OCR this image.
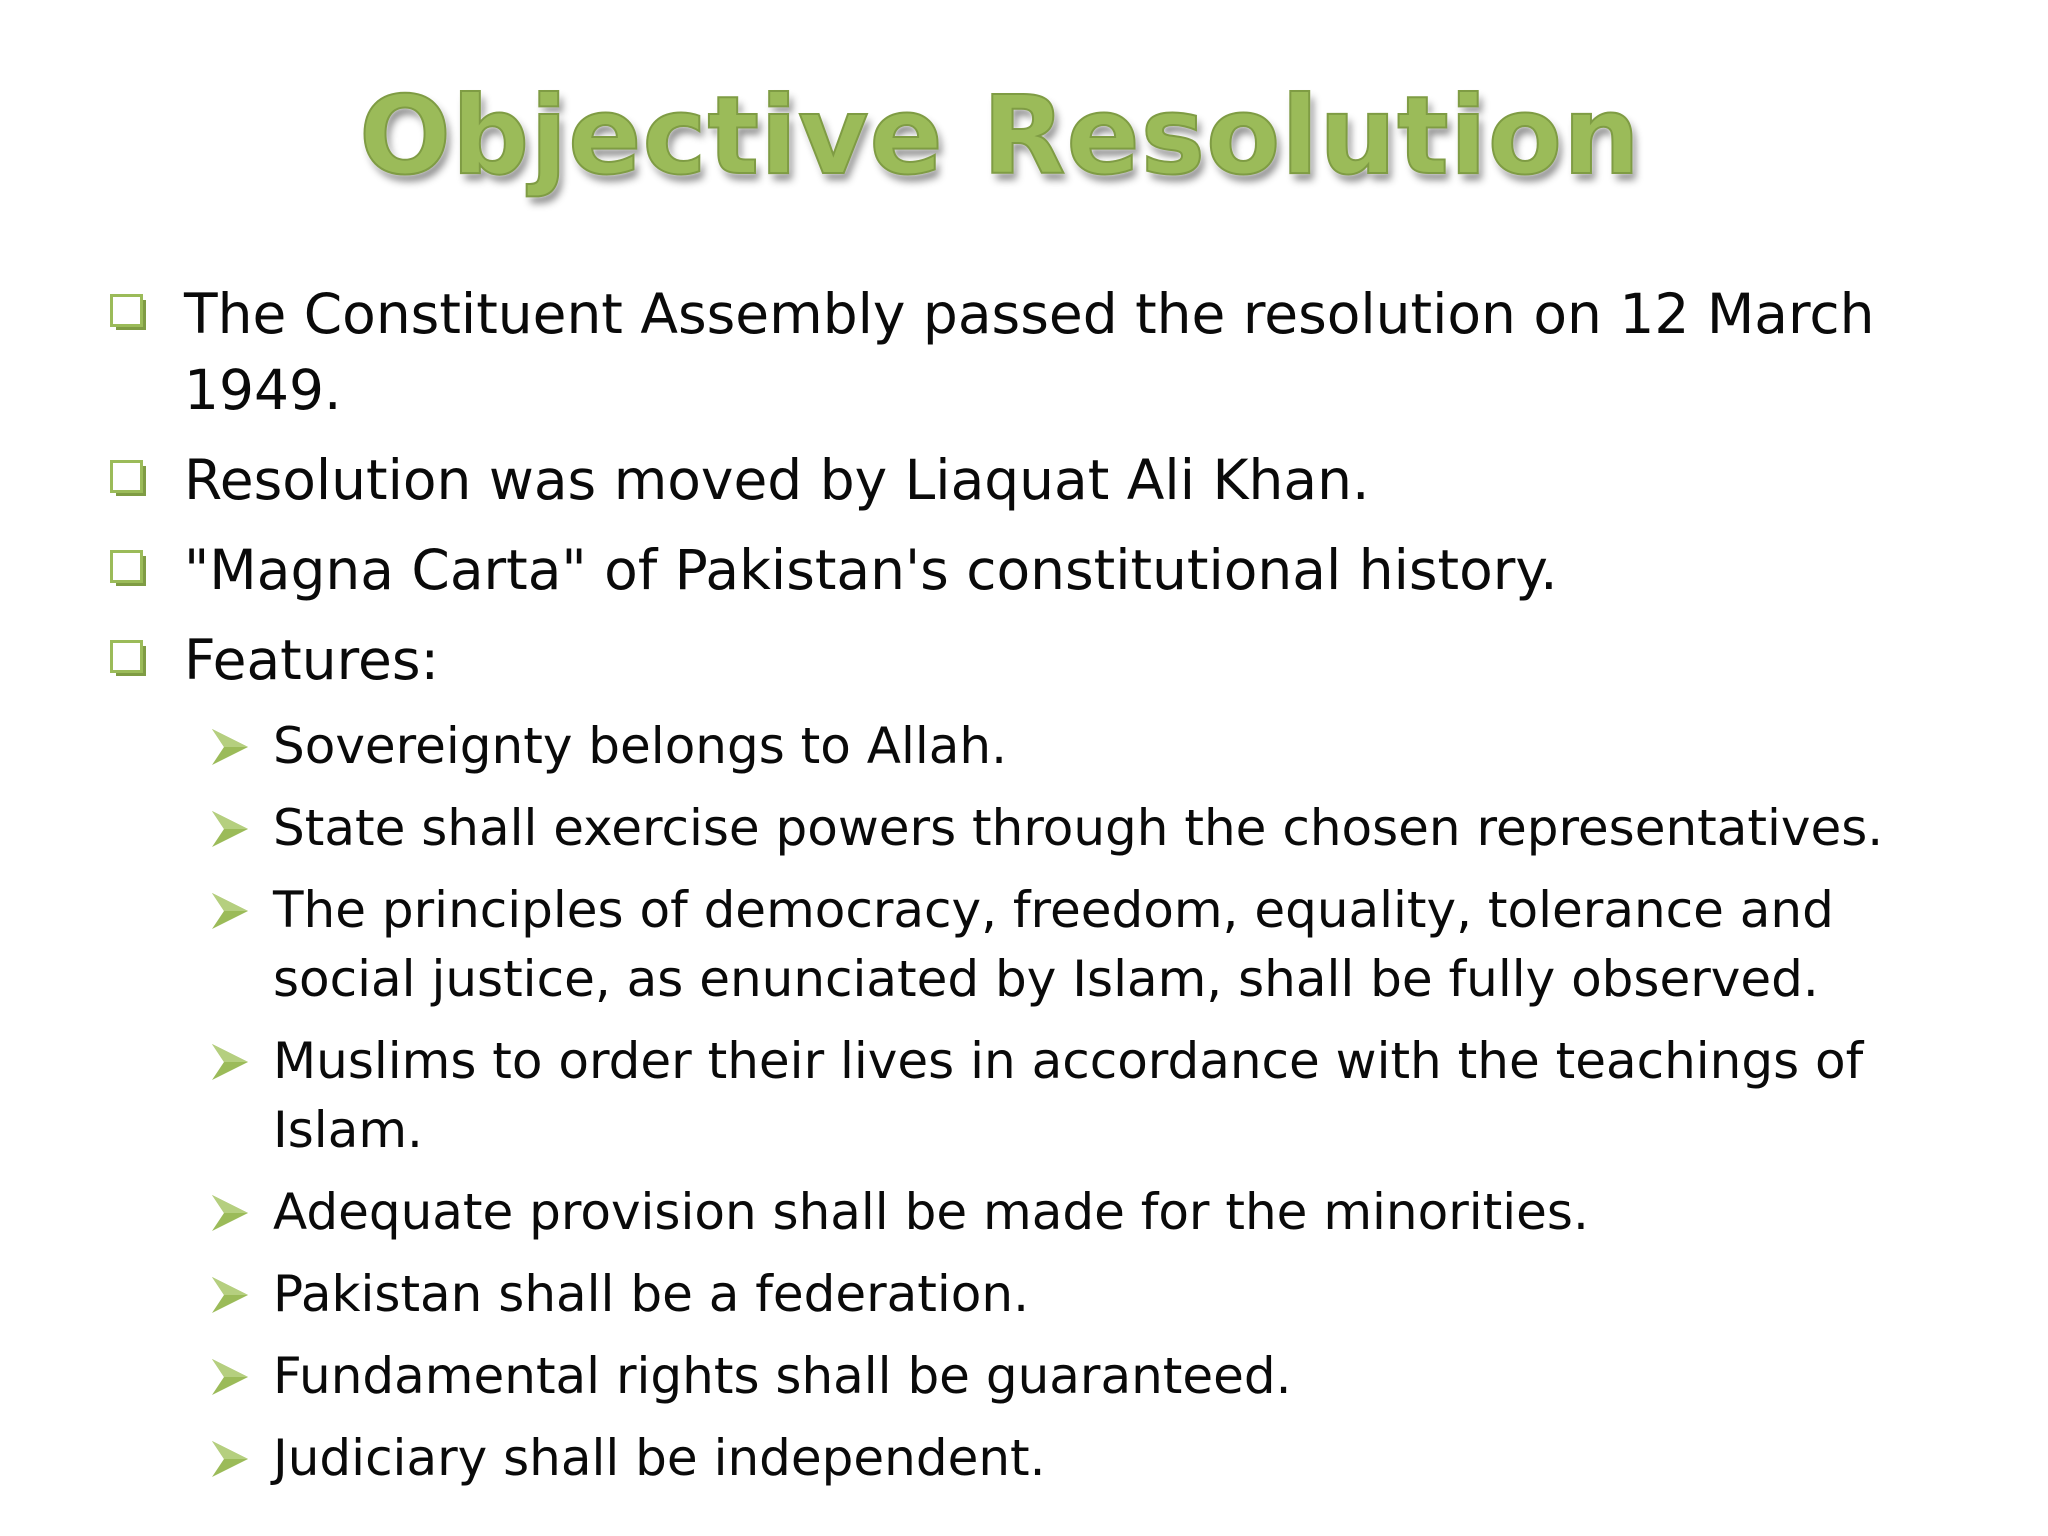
Objective Resolution
The Constituent Assembly passed the resolution on 12 March 1949.
Resolution was moved by Liaquat Ali Khan.
"Magna Carta" of Pakistan's constitutional history.
Features:
Sovereignty belongs to Allah.
State shall exercise powers through the chosen representatives.
The principles of democracy, freedom, equality, tolerance and social justice, as enunciated by Islam, shall be fully observed.
Muslims to order their lives in accordance with the teachings of Islam.
Adequate provision shall be made for the minorities.
Pakistan shall be a federation.
Fundamental rights shall be guaranteed.
Judiciary shall be independent.
